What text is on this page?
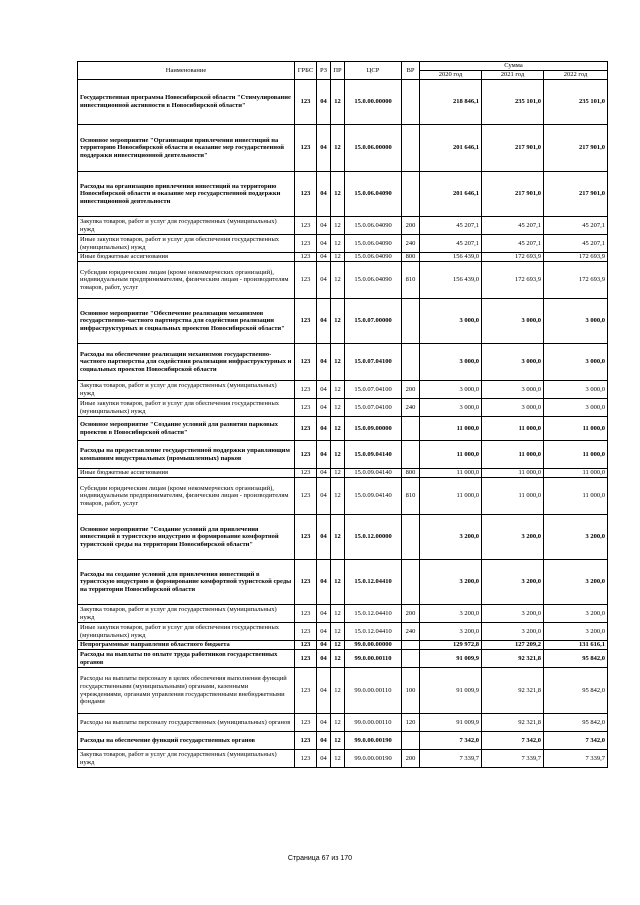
Наименование	ГРБС	РЗ	ПР	ЦСР	ВР	Сумма		
						2020 год	2021 год	2022 год
Государственная программа Новосибирской области "Стимулирование инвестиционной активности в Новосибирской области"	123	04	12	15.0.00.00000		218 846,1	235 101,0	235 101,0
Основное мероприятие "Организация привлечения инвестиций на территорию Новосибирской области и оказание мер государственной поддержки инвестиционной деятельности"	123	04	12	15.0.06.00000		201 646,1	217 901,0	217 901,0
Расходы на организацию привлечения инвестиций на территорию Новосибирской области и оказание мер государственной поддержки инвестиционной деятельности	123	04	12	15.0.06.04090		201 646,1	217 901,0	217 901,0
Закупка товаров, работ и услуг для государственных (муниципальных) нужд	123	04	12	15.0.06.04090	200	45 207,1	45 207,1	45 207,1
Иные закупки товаров, работ и услуг для обеспечения государственных (муниципальных) нужд	123	04	12	15.0.06.04090	240	45 207,1	45 207,1	45 207,1
Иные бюджетные ассигнования	123	04	12	15.0.06.04090	800	156 439,0	172 693,9	172 693,9
Субсидии юридическим лицам (кроме некоммерческих организаций), индивидуальным предпринимателям, физическим лицам - производителям товаров, работ, услуг	123	04	12	15.0.06.04090	810	156 439,0	172 693,9	172 693,9
Основное мероприятие "Обеспечение реализации механизмов государственно-частного партнерства для содействия реализации инфраструктурных и социальных проектов Новосибирской области"	123	04	12	15.0.07.00000		3 000,0	3 000,0	3 000,0
Расходы на обеспечение реализации механизмов государственно-частного партнерства для содействия реализации инфраструктурных и социальных проектов Новосибирской области	123	04	12	15.0.07.04100		3 000,0	3 000,0	3 000,0
Закупка товаров, работ и услуг для государственных (муниципальных) нужд	123	04	12	15.0.07.04100	200	3 000,0	3 000,0	3 000,0
Иные закупки товаров, работ и услуг для обеспечения государственных (муниципальных) нужд	123	04	12	15.0.07.04100	240	3 000,0	3 000,0	3 000,0
Основное мероприятие "Создание условий для развития парковых проектов в Новосибирской области"	123	04	12	15.0.09.00000		11 000,0	11 000,0	11 000,0
Расходы на предоставление государственной поддержки управляющим компаниям индустриальных (промышленных) парков	123	04	12	15.0.09.04140		11 000,0	11 000,0	11 000,0
Иные бюджетные ассигнования	123	04	12	15.0.09.04140	800	11 000,0	11 000,0	11 000,0
Субсидии юридическим лицам (кроме некоммерческих организаций), индивидуальным предпринимателям, физическим лицам - производителям товаров, работ, услуг	123	04	12	15.0.09.04140	810	11 000,0	11 000,0	11 000,0
Основное мероприятие "Создание условий для привлечения инвестиций в туристскую индустрию и формирование комфортной туристской среды на территории Новосибирской области"	123	04	12	15.0.12.00000		3 200,0	3 200,0	3 200,0
Расходы на создание условий для привлечения инвестиций в туристскую индустрию и формирование комфортной туристской среды на территории Новосибирской области	123	04	12	15.0.12.04410		3 200,0	3 200,0	3 200,0
Закупка товаров, работ и услуг для государственных (муниципальных) нужд	123	04	12	15.0.12.04410	200	3 200,0	3 200,0	3 200,0
Иные закупки товаров, работ и услуг для обеспечения государственных (муниципальных) нужд	123	04	12	15.0.12.04410	240	3 200,0	3 200,0	3 200,0
Непрограммные направления областного бюджета	123	04	12	99.0.00.00000		129 972,8	127 209,2	131 616,1
Расходы на выплаты по оплате труда работников государственных органов	123	04	12	99.0.00.00110		91 009,9	92 321,8	95 842,0
Расходы на выплаты персоналу в целях обеспечения выполнения функций государственными (муниципальными) органами, казенными учреждениями, органами управления государственными внебюджетными фондами	123	04	12	99.0.00.00110	100	91 009,9	92 321,8	95 842,0
Расходы на выплаты персоналу государственных (муниципальных) органов	123	04	12	99.0.00.00110	120	91 009,9	92 321,8	95 842,0
Расходы на обеспечение функций государственных органов	123	04	12	99.0.00.00190		7 342,0	7 342,0	7 342,0
Закупка товаров, работ и услуг для государственных (муниципальных) нужд	123	04	12	99.0.00.00190	200	7 339,7	7 339,7	7 339,7
Страница 67 из 170
